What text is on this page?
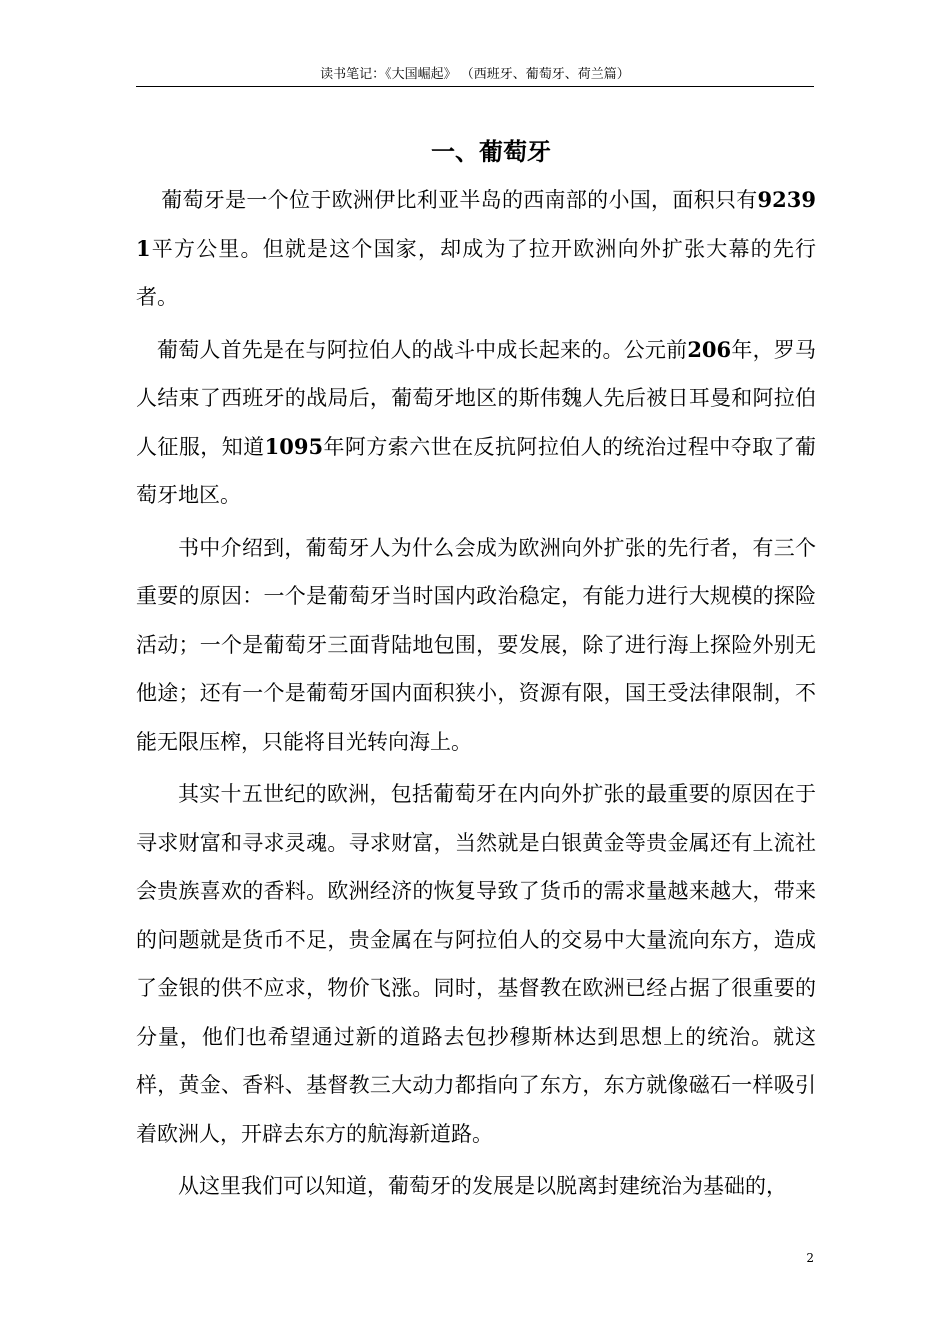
读书笔记：《大国崛起》 （西班牙、葡萄牙、荷兰篇）
一、葡萄牙

葡萄牙是一个位于欧洲伊比利亚半岛的西南部的小国，面积只有92391平方公里。但就是这个国家，却成为了拉开欧洲向外扩张大幕的先行者。

葡萄人首先是在与阿拉伯人的战斗中成长起来的。公元前206年，罗马人结束了西班牙的战局后，葡萄牙地区的斯伟魏人先后被日耳曼和阿拉伯人征服，知道1095年阿方索六世在反抗阿拉伯人的统治过程中夺取了葡萄牙地区。

书中介绍到，葡萄牙人为什么会成为欧洲向外扩张的先行者，有三个重要的原因：一个是葡萄牙当时国内政治稳定，有能力进行大规模的探险活动；一个是葡萄牙三面背陆地包围，要发展，除了进行海上探险外别无他途；还有一个是葡萄牙国内面积狭小，资源有限，国王受法律限制，不能无限压榨，只能将目光转向海上。

其实十五世纪的欧洲，包括葡萄牙在内向外扩张的最重要的原因在于寻求财富和寻求灵魂。寻求财富，当然就是白银黄金等贵金属还有上流社会贵族喜欢的香料。欧洲经济的恢复导致了货币的需求量越来越大，带来的问题就是货币不足，贵金属在与阿拉伯人的交易中大量流向东方，造成了金银的供不应求，物价飞涨。同时，基督教在欧洲已经占据了很重要的分量，他们也希望通过新的道路去包抄穆斯林达到思想上的统治。就这样，黄金、香料、基督教三大动力都指向了东方，东方就像磁石一样吸引着欧洲人，开辟去东方的航海新道路。

从这里我们可以知道，葡萄牙的发展是以脱离封建统治为基础的，

2
